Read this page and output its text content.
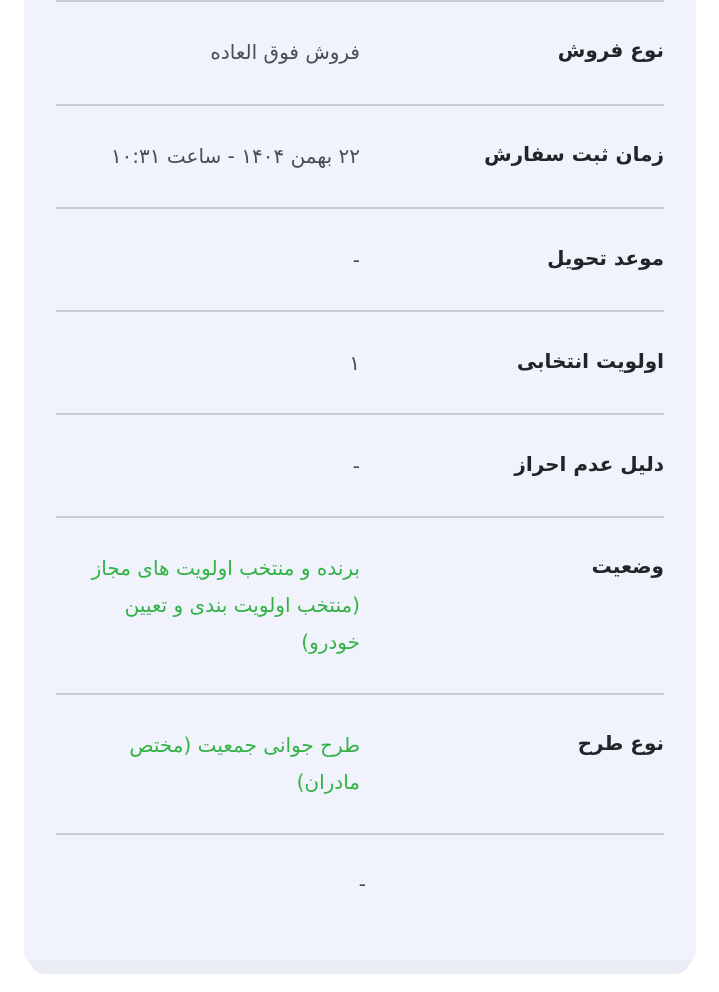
نوع فروش
فروش فوق العاده
زمان ثبت سفارش
۲۲ بهمن ۱۴۰۴ - ساعت ۱۰:۳۱
موعد تحویل
-
اولویت انتخابی
۱
دلیل عدم احراز
-
وضعیت
برنده و منتخب اولویت های مجاز (منتخب اولویت بندی و تعیین خودرو)
نوع طرح
طرح جوانی جمعیت (مختص مادران)
-
